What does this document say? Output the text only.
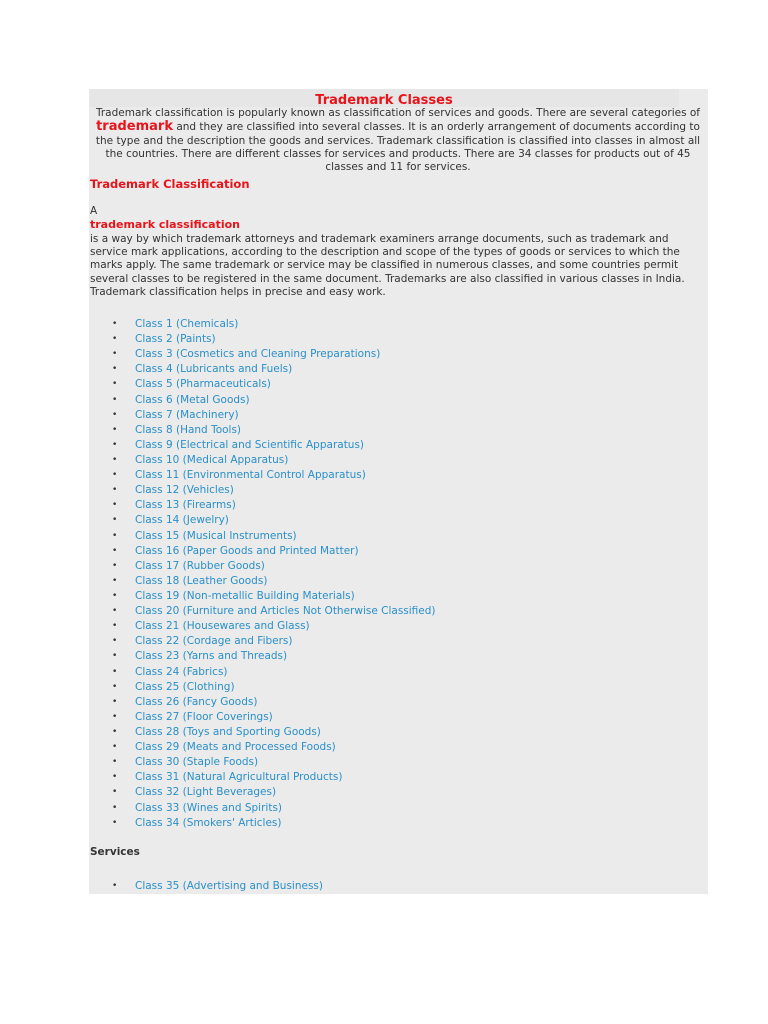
Trademark Classes
Trademark classification is popularly known as classification of services and goods. There are several categories of trademark and they are classified into several classes. It is an orderly arrangement of documents according to the type and the description the goods and services. Trademark classification is classified into classes in almost all the countries. There are different classes for services and products. There are 34 classes for products out of 45 classes and 11 for services.
Trademark Classification
A
trademark classification
is a way by which trademark attorneys and trademark examiners arrange documents, such as trademark and service mark applications, according to the description and scope of the types of goods or services to which the marks apply. The same trademark or service may be classified in numerous classes, and some countries permit several classes to be registered in the same document. Trademarks are also classified in various classes in India. Trademark classification helps in precise and easy work.
• Class 1 (Chemicals)
• Class 2 (Paints)
• Class 3 (Cosmetics and Cleaning Preparations)
• Class 4 (Lubricants and Fuels)
• Class 5 (Pharmaceuticals)
• Class 6 (Metal Goods)
• Class 7 (Machinery)
• Class 8 (Hand Tools)
• Class 9 (Electrical and Scientific Apparatus)
• Class 10 (Medical Apparatus)
• Class 11 (Environmental Control Apparatus)
• Class 12 (Vehicles)
• Class 13 (Firearms)
• Class 14 (Jewelry)
• Class 15 (Musical Instruments)
• Class 16 (Paper Goods and Printed Matter)
• Class 17 (Rubber Goods)
• Class 18 (Leather Goods)
• Class 19 (Non-metallic Building Materials)
• Class 20 (Furniture and Articles Not Otherwise Classified)
• Class 21 (Housewares and Glass)
• Class 22 (Cordage and Fibers)
• Class 23 (Yarns and Threads)
• Class 24 (Fabrics)
• Class 25 (Clothing)
• Class 26 (Fancy Goods)
• Class 27 (Floor Coverings)
• Class 28 (Toys and Sporting Goods)
• Class 29 (Meats and Processed Foods)
• Class 30 (Staple Foods)
• Class 31 (Natural Agricultural Products)
• Class 32 (Light Beverages)
• Class 33 (Wines and Spirits)
• Class 34 (Smokers' Articles)
Services
• Class 35 (Advertising and Business)
